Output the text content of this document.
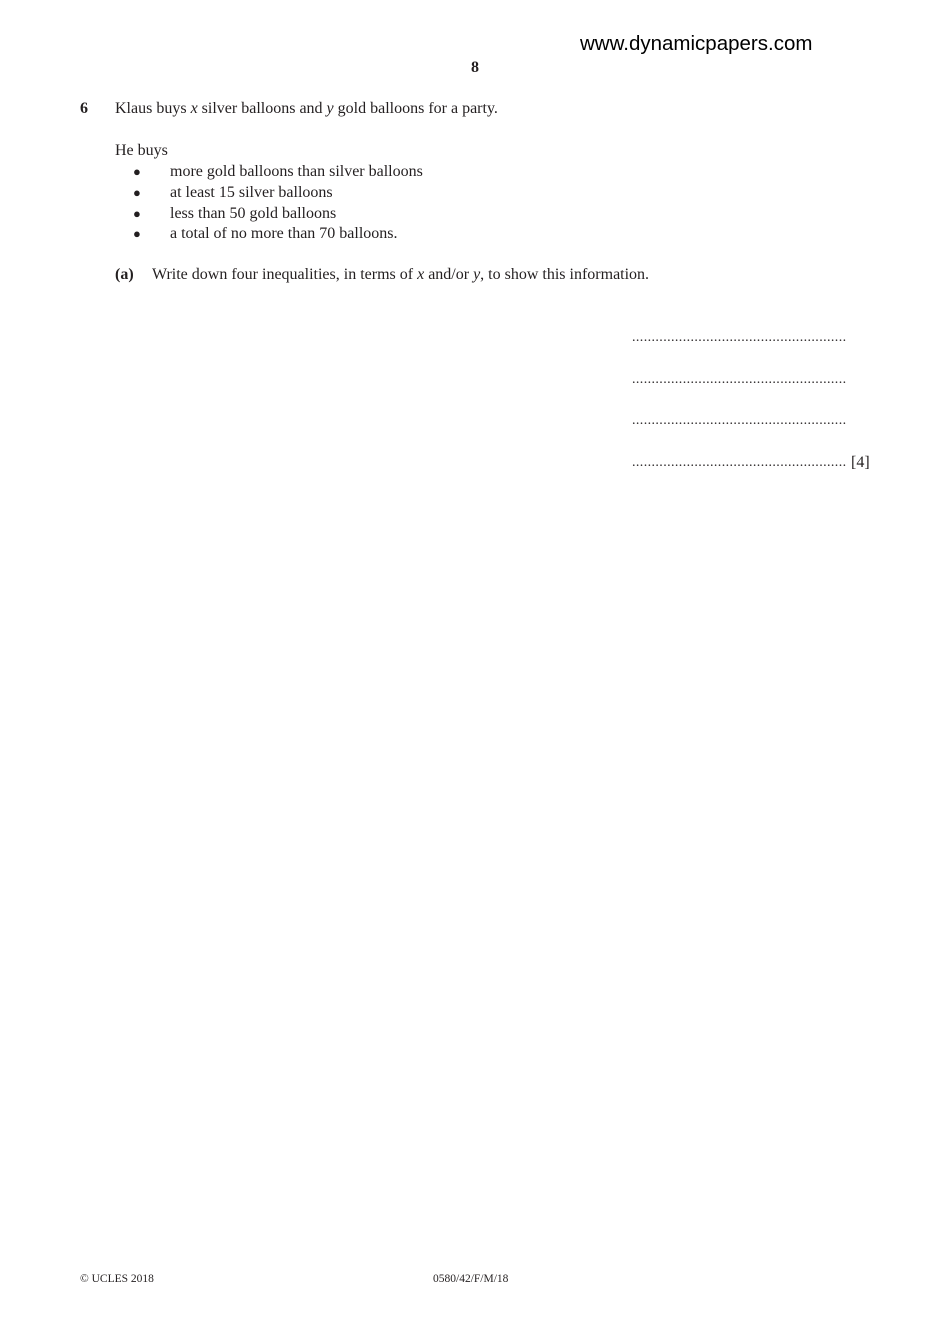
www.dynamicpapers.com
8
6 Klaus buys x silver balloons and y gold balloons for a party.
He buys
● more gold balloons than silver balloons
● at least 15 silver balloons
● less than 50 gold balloons
● a total of no more than 70 balloons.
(a) Write down four inequalities, in terms of x and/or y, to show this information.
.....
.....
.....
.....
[4]
© UCLES 2018	0580/42/F/M/18
